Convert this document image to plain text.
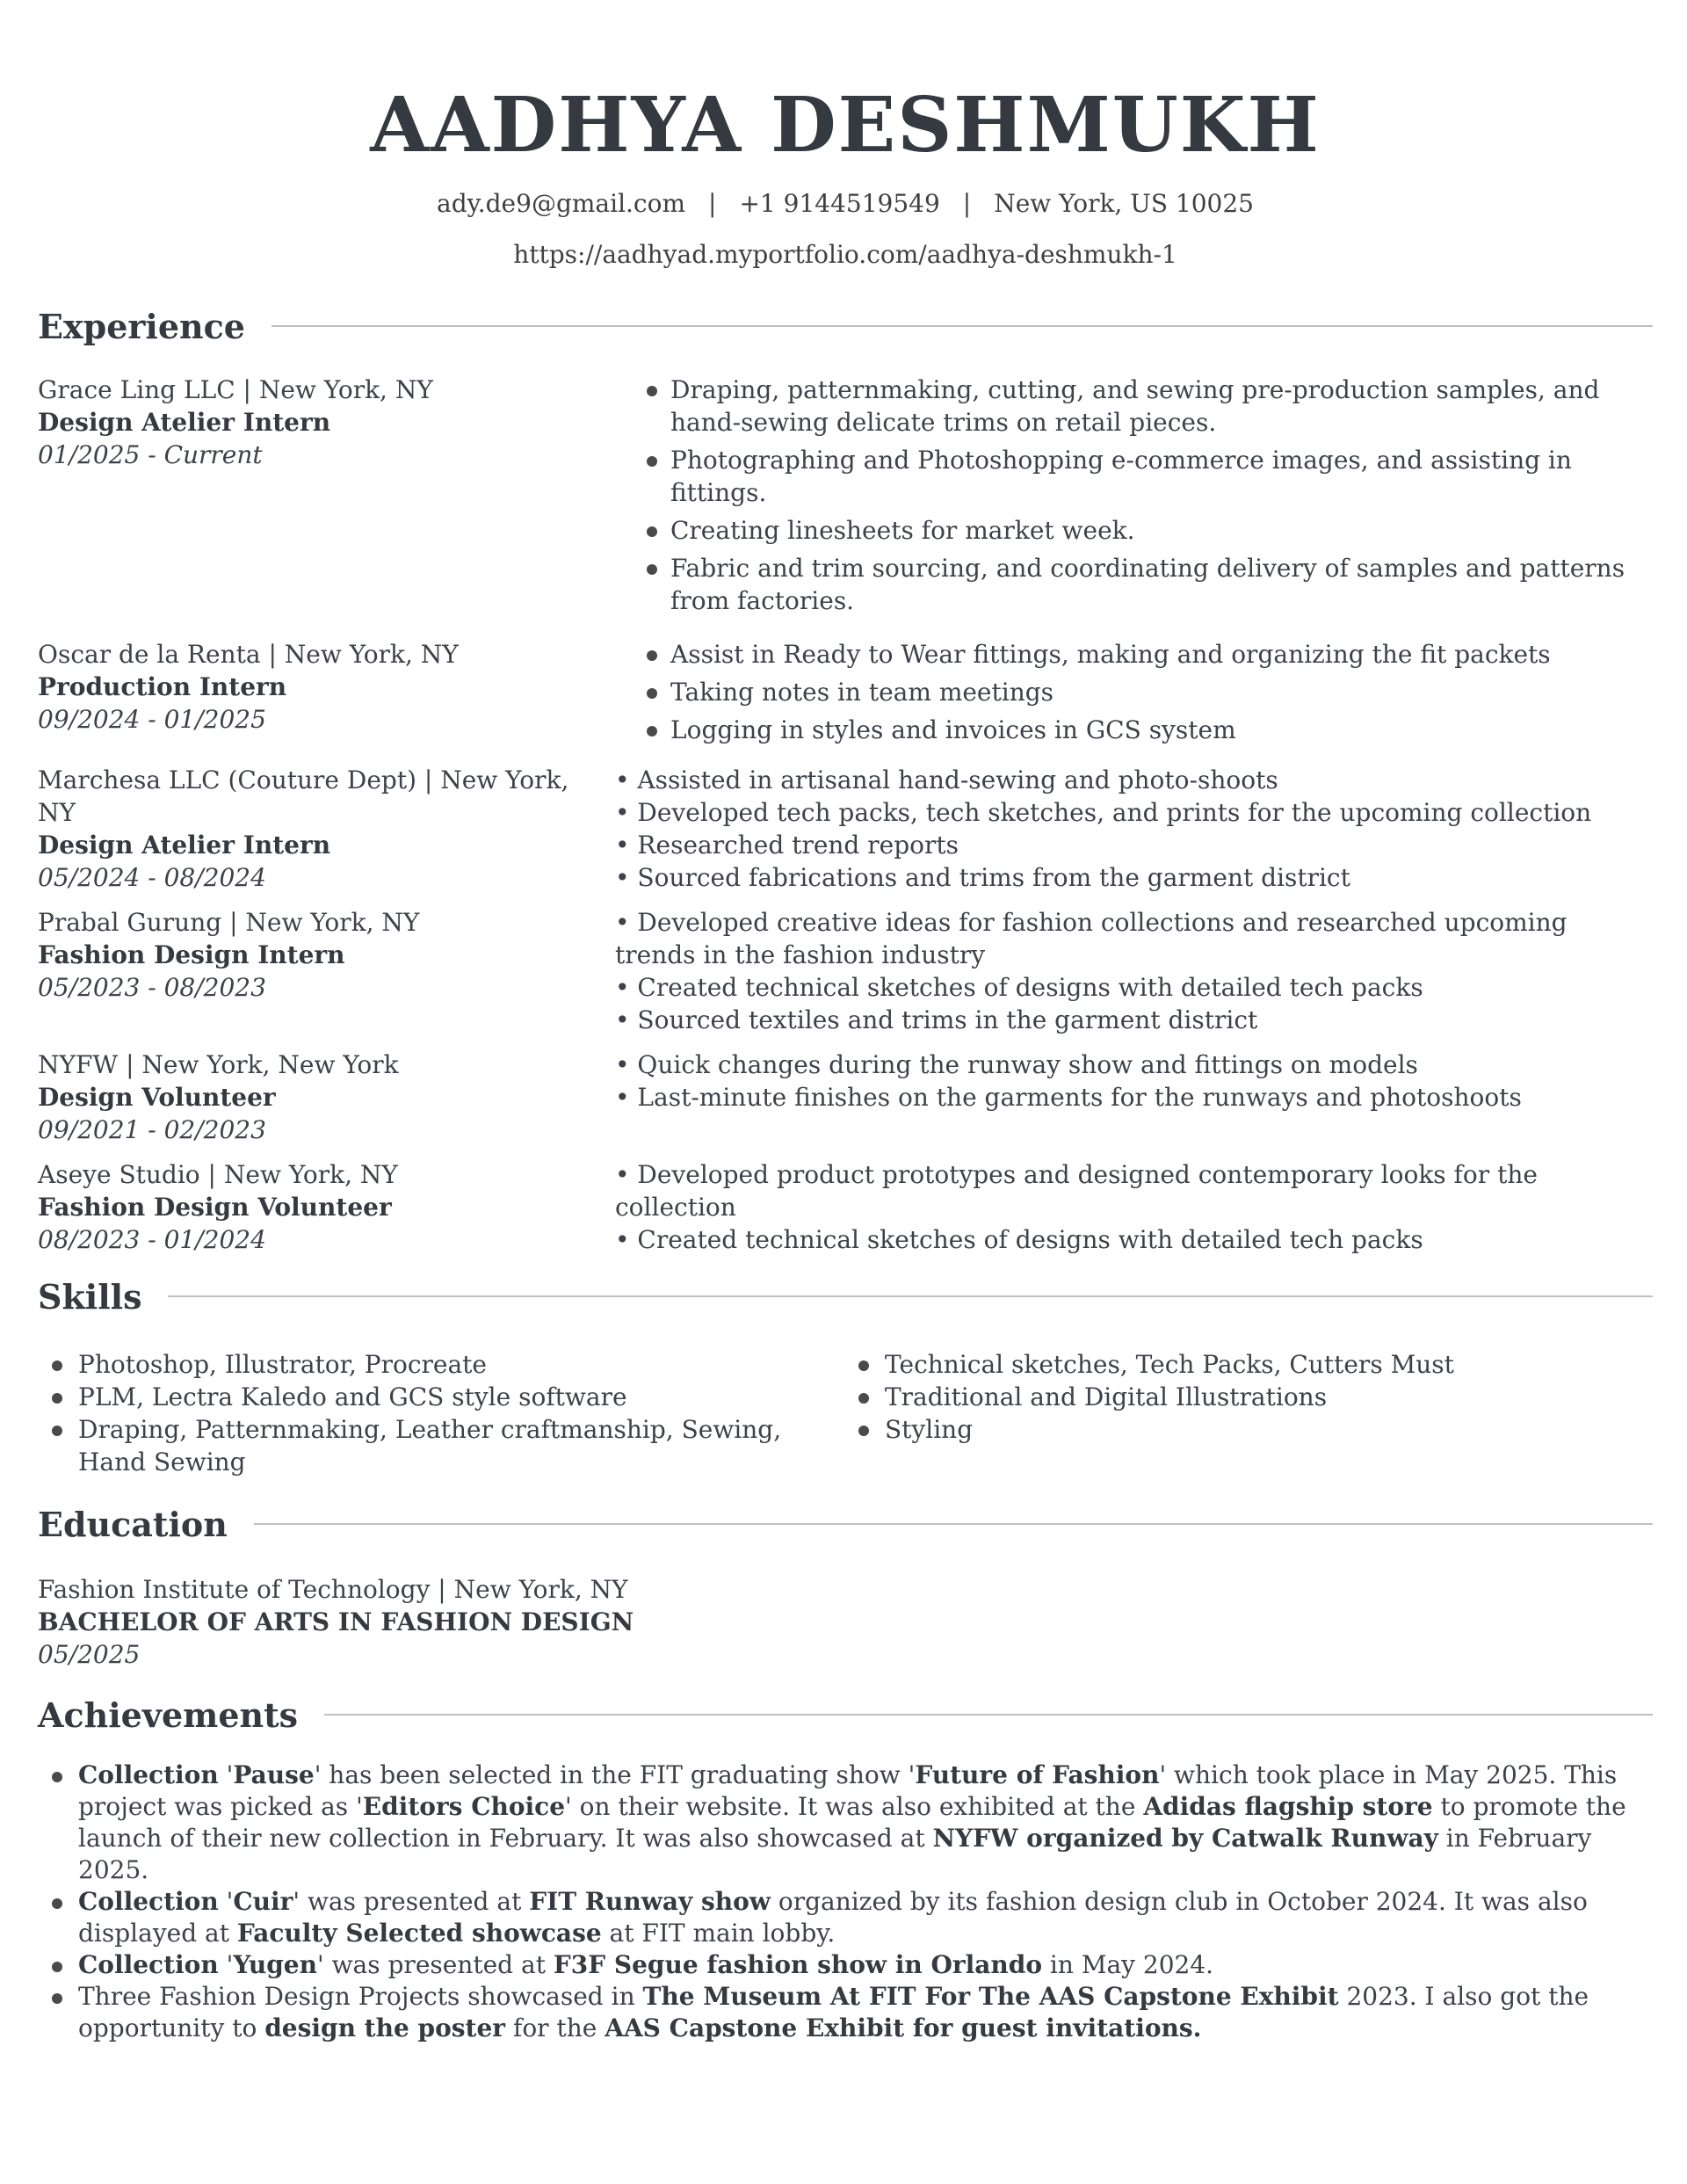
AADHYA DESHMUKH
ady.de9@gmail.com | +1 9144519549 | New York, US 10025
https://aadhyad.myportfolio.com/aadhya-deshmukh-1
Experience
Grace Ling LLC | New York, NY
Design Atelier Intern
01/2025 - Current
Draping, patternmaking, cutting, and sewing pre-production samples, and hand-sewing delicate trims on retail pieces.
Photographing and Photoshopping e-commerce images, and assisting in fittings.
Creating linesheets for market week.
Fabric and trim sourcing, and coordinating delivery of samples and patterns from factories.
Oscar de la Renta | New York, NY
Production Intern
09/2024 - 01/2025
Assist in Ready to Wear fittings, making and organizing the fit packets
Taking notes in team meetings
Logging in styles and invoices in GCS system
Marchesa LLC (Couture Dept) | New York, NY
Design Atelier Intern
05/2024 - 08/2024
• Assisted in artisanal hand-sewing and photo-shoots
• Developed tech packs, tech sketches, and prints for the upcoming collection
• Researched trend reports
• Sourced fabrications and trims from the garment district
Prabal Gurung | New York, NY
Fashion Design Intern
05/2023 - 08/2023
• Developed creative ideas for fashion collections and researched upcoming trends in the fashion industry
• Created technical sketches of designs with detailed tech packs
• Sourced textiles and trims in the garment district
NYFW | New York, New York
Design Volunteer
09/2021 - 02/2023
• Quick changes during the runway show and fittings on models
• Last-minute finishes on the garments for the runways and photoshoots
Aseye Studio | New York, NY
Fashion Design Volunteer
08/2023 - 01/2024
• Developed product prototypes and designed contemporary looks for the collection
• Created technical sketches of designs with detailed tech packs
Skills
Photoshop, Illustrator, Procreate
PLM, Lectra Kaledo and GCS style software
Draping, Patternmaking, Leather craftmanship, Sewing, Hand Sewing
Technical sketches, Tech Packs, Cutters Must
Traditional and Digital Illustrations
Styling
Education
Fashion Institute of Technology | New York, NY
BACHELOR OF ARTS IN FASHION DESIGN
05/2025
Achievements
Collection 'Pause' has been selected in the FIT graduating show 'Future of Fashion' which took place in May 2025. This project was picked as 'Editors Choice' on their website. It was also exhibited at the Adidas flagship store to promote the launch of their new collection in February. It was also showcased at NYFW organized by Catwalk Runway in February 2025.
Collection 'Cuir' was presented at FIT Runway show organized by its fashion design club in October 2024. It was also displayed at Faculty Selected showcase at FIT main lobby.
Collection 'Yugen' was presented at F3F Segue fashion show in Orlando in May 2024.
Three Fashion Design Projects showcased in The Museum At FIT For The AAS Capstone Exhibit 2023. I also got the opportunity to design the poster for the AAS Capstone Exhibit for guest invitations.
